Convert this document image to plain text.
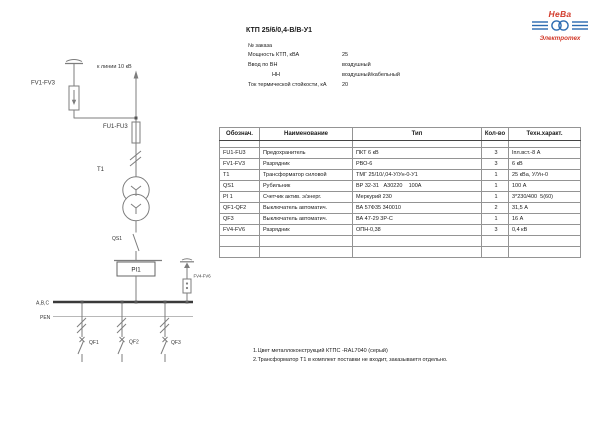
к линии 10 кВ
FV1-FV3
FU1-FU3
T1
QS1
PI1
FV4-FV6
A,B,C
PEN
QF1	QF2	QF3
КТП 25/6/0,4-В/В-У1
№ заказа
Мощность КТП, кВА	25
Ввод по ВН	воздушный
НН	воздушный/кабельный
Ток термической стойкости, кА	20
НеВа
Электротех
Обознач.	Наименование	Тип	Кол-во	Техн.характ.

FU1-FU3	Предохранитель	ПКТ 6 кВ	3	Iпл.вст.-8 А
FV1-FV3	Разрядник	РВО-6	3	6 кВ
T1	Трансформатор силовой	ТМГ 25/10/,04-У/Ун-0-У1	1	25 кВа, У/Ун-0
QS1	Рубильник	ВР 32-31   А30220    100А	1	100 А
PI 1	Счетчик актив. э/энерг.	Меркурий 230	1	3*230/400  5(60)
QF1-QF2	Выключатель автоматич.	ВА 57Ф35 340010	2	31,5 А
QF3	Выключатель автоматич.	ВА 47-29 3Р-С	1	16 А
FV4-FV6	Разрядник	ОПН-0,38	3	0,4 кВ

1.Цвет металлоконструкций КТПС -RAL7040 (серый)
2.Трансформатор Т1 в комплект поставки не входит, заказываетя отдельно.
